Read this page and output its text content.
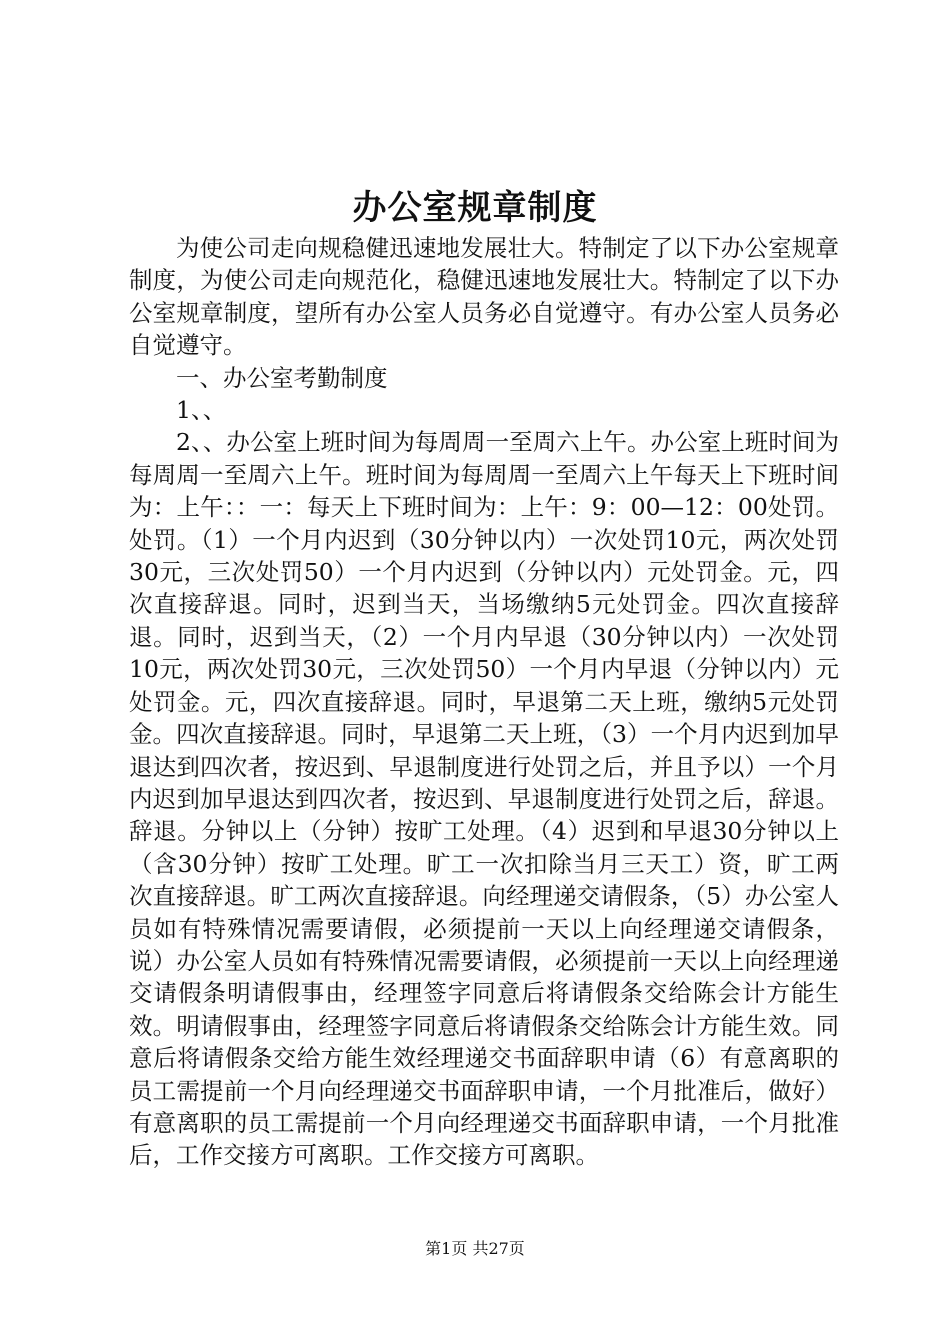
办公室规章制度

为使公司走向规稳健迅速地发展壮大。特制定了以下办公室规章制度，为使公司走向规范化，稳健迅速地发展壮大。特制定了以下办公室规章制度，望所有办公室人员务必自觉遵守。有办公室人员务必自觉遵守。

一、办公室考勤制度

1、、

2、、办公室上班时间为每周周一至周六上午。办公室上班时间为每周周一至周六上午。班时间为每周周一至周六上午每天上下班时间为：上午：：一：每天上下班时间为：上午：9：00—12：00处罚。处罚。（1）一个月内迟到（30分钟以内）一次处罚10元，两次处罚30元，三次处罚50）一个月内迟到（分钟以内）元处罚金。元，四次直接辞退。同时，迟到当天，当场缴纳5元处罚金。四次直接辞退。同时，迟到当天，（2）一个月内早退（30分钟以内）一次处罚10元，两次处罚30元，三次处罚50）一个月内早退（分钟以内）元处罚金。元，四次直接辞退。同时，早退第二天上班，缴纳5元处罚金。四次直接辞退。同时，早退第二天上班，（3）一个月内迟到加早退达到四次者，按迟到、早退制度进行处罚之后，并且予以）一个月内迟到加早退达到四次者，按迟到、早退制度进行处罚之后，辞退。辞退。分钟以上（分钟）按旷工处理。（4）迟到和早退30分钟以上（含30分钟）按旷工处理。旷工一次扣除当月三天工）资，旷工两次直接辞退。旷工两次直接辞退。向经理递交请假条，（5）办公室人员如有特殊情况需要请假，必须提前一天以上向经理递交请假条，说）办公室人员如有特殊情况需要请假，必须提前一天以上向经理递交请假条明请假事由，经理签字同意后将请假条交给陈会计方能生效。明请假事由，经理签字同意后将请假条交给陈会计方能生效。同意后将请假条交给方能生效经理递交书面辞职申请（6）有意离职的员工需提前一个月向经理递交书面辞职申请，一个月批准后，做好）有意离职的员工需提前一个月向经理递交书面辞职申请，一个月批准后，工作交接方可离职。工作交接方可离职。

第1页 共27页
